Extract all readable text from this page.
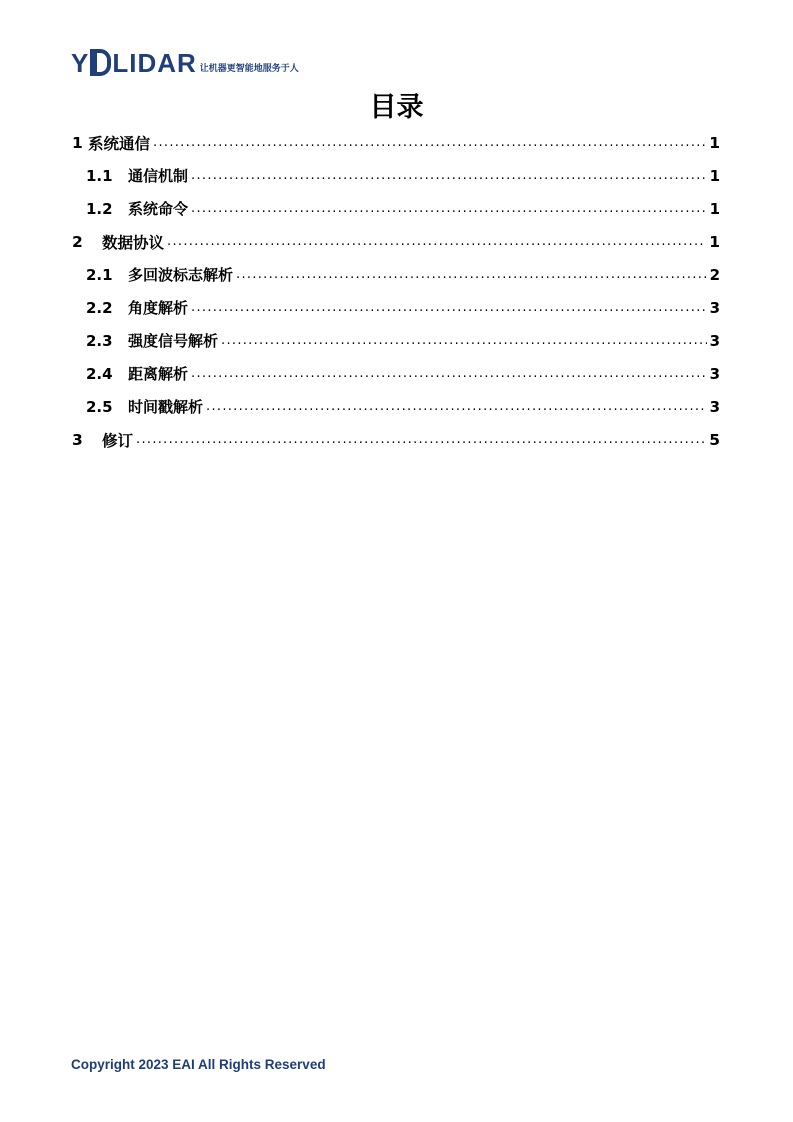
Y LIDAR 让机器更智能地服务于人
目录
1 系统通信 .....	1
1.1	通信机制 .....	1
1.2	系统命令 .....	1
2	数据协议 .....	1
2.1	多回波标志解析 .....	2
2.2	角度解析 .....	3
2.3	强度信号解析 .....	3
2.4	距离解析 .....	3
2.5	时间戳解析 .....	3
3	修订 .....	5
Copyright 2023 EAI All Rights Reserved
